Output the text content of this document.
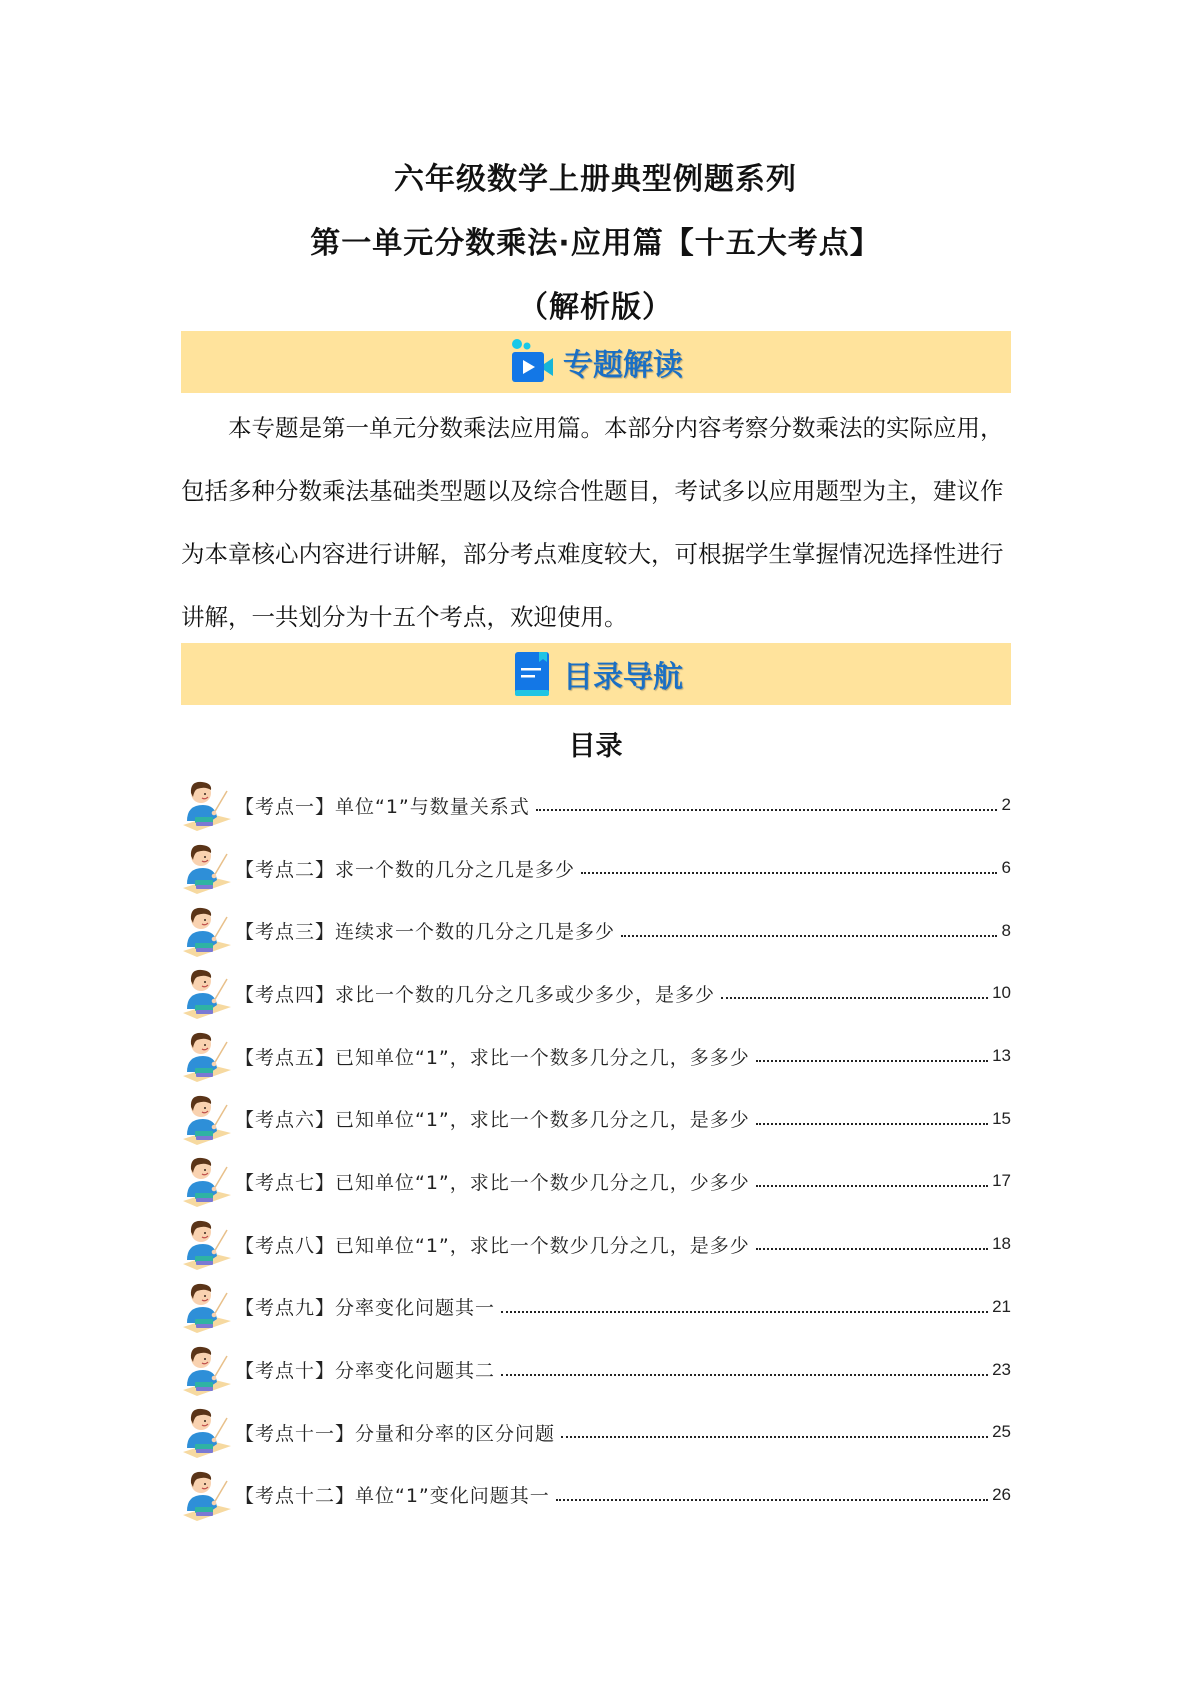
六年级数学上册典型例题系列
第一单元分数乘法·应用篇【十五大考点】
（解析版）
专题解读
本专题是第一单元分数乘法应用篇。本部分内容考察分数乘法的实际应用，
包括多种分数乘法基础类型题以及综合性题目，考试多以应用题型为主，建议作
为本章核心内容进行讲解，部分考点难度较大，可根据学生掌握情况选择性进行
讲解，一共划分为十五个考点，欢迎使用。
目录导航
目录
【考点一】单位“1”与数量关系式	2
【考点二】求一个数的几分之几是多少	6
【考点三】连续求一个数的几分之几是多少	8
【考点四】求比一个数的几分之几多或少多少，是多少	10
【考点五】已知单位“1”，求比一个数多几分之几，多多少	13
【考点六】已知单位“1”，求比一个数多几分之几，是多少	15
【考点七】已知单位“1”，求比一个数少几分之几，少多少	17
【考点八】已知单位“1”，求比一个数少几分之几，是多少	18
【考点九】分率变化问题其一	21
【考点十】分率变化问题其二	23
【考点十一】分量和分率的区分问题	25
【考点十二】单位“1”变化问题其一	26
